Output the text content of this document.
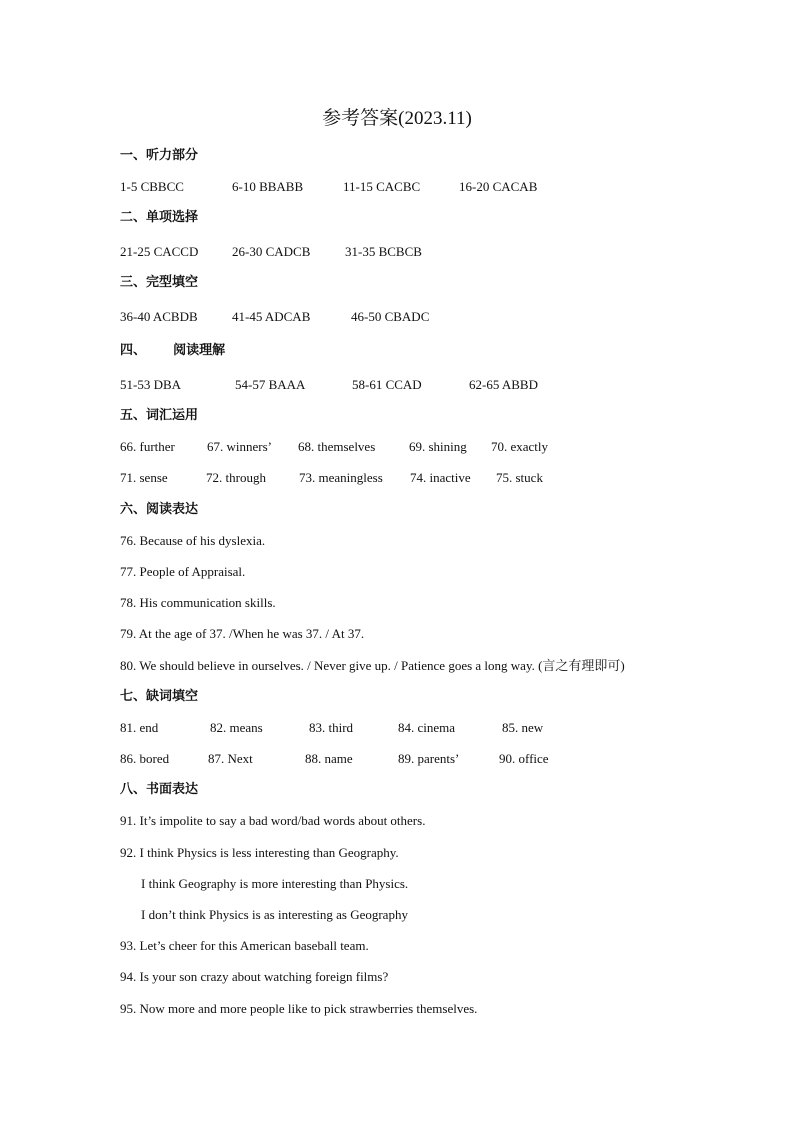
参考答案(2023.11)
一、听力部分
1-5 CBBCC	6-10 BBABB	11-15 CACBC	16-20 CACAB
二、单项选择
21-25 CACCD	26-30 CADCB	31-35 BCBCB
三、完型填空
36-40 ACBDB	41-45 ADCAB	46-50 CBADC
四、      阅读理解
51-53 DBA	54-57 BAAA	58-61 CCAD	62-65 ABBD
五、词汇运用
66. further 67. winners’ 68. themselves	69. shining 70. exactly
71. sense	72. through	73. meaningless 74. inactive 75. stuck
六、阅读表达
76. Because of his dyslexia.
77. People of Appraisal.
78. His communication skills.
79. At the age of 37. /When he was 37. / At 37.
80. We should believe in ourselves. / Never give up. / Patience goes a long way. (言之有理即可)
七、缺词填空
81. end	82. means	83. third	84. cinema	85. new
86. bored	87. Next	88. name	89. parents’	90. office
八、书面表达
91. It’s impolite to say a bad word/bad words about others.
92. I think Physics is less interesting than Geography.
I think Geography is more interesting than Physics.
I don’t think Physics is as interesting as Geography
93. Let’s cheer for this American baseball team.
94. Is your son crazy about watching foreign films?
95. Now more and more people like to pick strawberries themselves.
